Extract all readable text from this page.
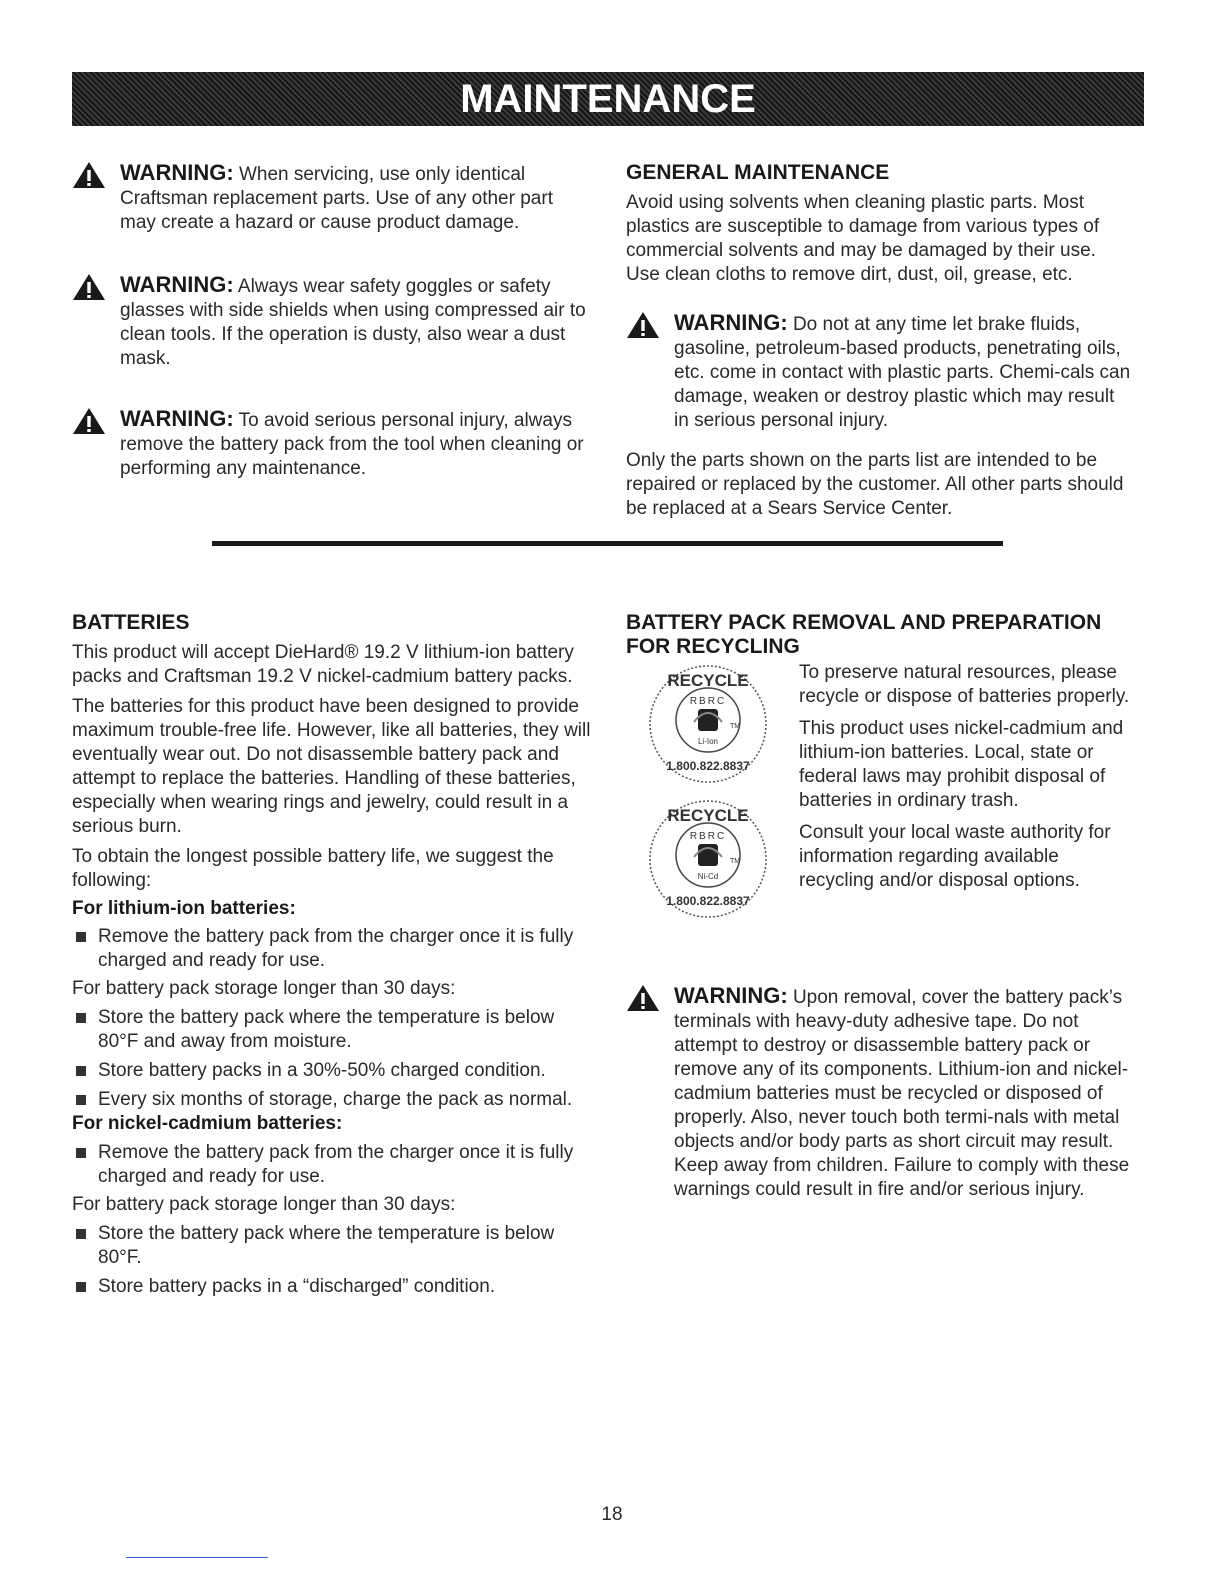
MAINTENANCE
WARNING: When servicing, use only identical Craftsman replacement parts. Use of any other part may create a hazard or cause product damage.
WARNING: Always wear safety goggles or safety glasses with side shields when using compressed air to clean tools. If the operation is dusty, also wear a dust mask.
WARNING: To avoid serious personal injury, always remove the battery pack from the tool when cleaning or performing any maintenance.
GENERAL MAINTENANCE

Avoid using solvents when cleaning plastic parts. Most plastics are susceptible to damage from various types of commercial solvents and may be damaged by their use. Use clean cloths to remove dirt, dust, oil, grease, etc.

WARNING: Do not at any time let brake fluids, gasoline, petroleum-based products, penetrating oils, etc. come in contact with plastic parts. Chemi-cals can damage, weaken or destroy plastic which may result in serious personal injury.

Only the parts shown on the parts list are intended to be repaired or replaced by the customer. All other parts should be replaced at a Sears Service Center.

BATTERIES

This product will accept DieHard® 19.2 V lithium-ion battery packs and Craftsman 19.2 V nickel-cadmium battery packs.

The batteries for this product have been designed to provide maximum trouble-free life. However, like all batteries, they will eventually wear out. Do not disassemble battery pack and attempt to replace the batteries. Handling of these batteries, especially when wearing rings and jewelry, could result in a serious burn.

To obtain the longest possible battery life, we suggest the following:

For lithium-ion batteries:
Remove the battery pack from the charger once it is fully charged and ready for use.

For battery pack storage longer than 30 days:

Store the battery pack where the temperature is below 80°F and away from moisture.
Store battery packs in a 30%-50% charged condition.
Every six months of storage, charge the pack as normal.
For nickel-cadmium batteries:
Remove the battery pack from the charger once it is fully charged and ready for use.

For battery pack storage longer than 30 days:

Store the battery pack where the temperature is below 80°F.
Store battery packs in a “discharged” condition.
BATTERY PACK REMOVAL AND PREPARATION FOR RECYCLING
RECYCLE
RBRC
TM
Li-Ion
1.800.822.8837
RECYCLE
RBRC
TM
Ni-Cd
1.800.822.8837

To preserve natural resources, please recycle or dispose of batteries properly.

This product uses nickel-cadmium and lithium-ion batteries. Local, state or federal laws may prohibit disposal of batteries in ordinary trash.

Consult your local waste authority for information regarding available recycling and/or disposal options.

WARNING: Upon removal, cover the battery pack’s terminals with heavy-duty adhesive tape. Do not attempt to destroy or disassemble battery pack or remove any of its components. Lithium-ion and nickel-cadmium batteries must be recycled or disposed of properly. Also, never touch both termi-nals with metal objects and/or body parts as short circuit may result. Keep away from children. Failure to comply with these warnings could result in fire and/or serious injury.
18
